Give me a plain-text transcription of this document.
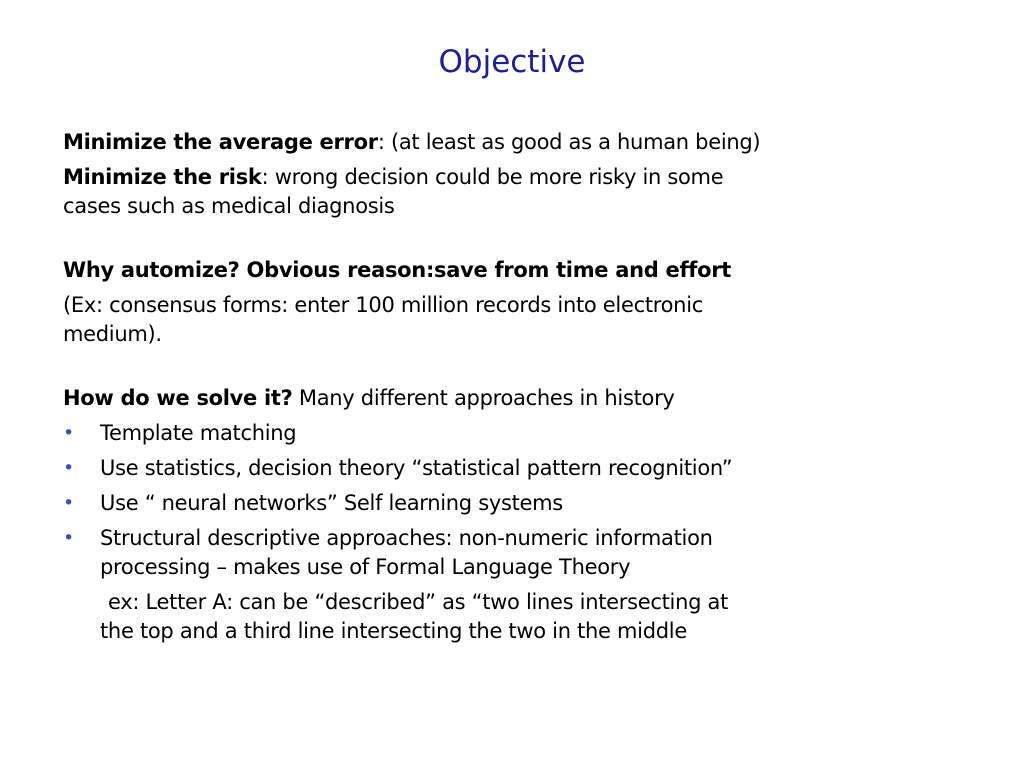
Objective
Minimize the average error: (at least as good as a human being)
Minimize the risk: wrong decision could be more risky in some
cases such as medical diagnosis
Why automize? Obvious reason:save from time and effort
(Ex: consensus forms: enter 100 million records into electronic
medium).
How do we solve it? Many different approaches in history
• Template matching
• Use statistics, decision theory “statistical pattern recognition”
• Use “ neural networks” Self learning systems
• Structural descriptive approaches: non-numeric information
processing – makes use of Formal Language Theory
ex: Letter A: can be “described” as “two lines intersecting at
the top and a third line intersecting the two in the middle
